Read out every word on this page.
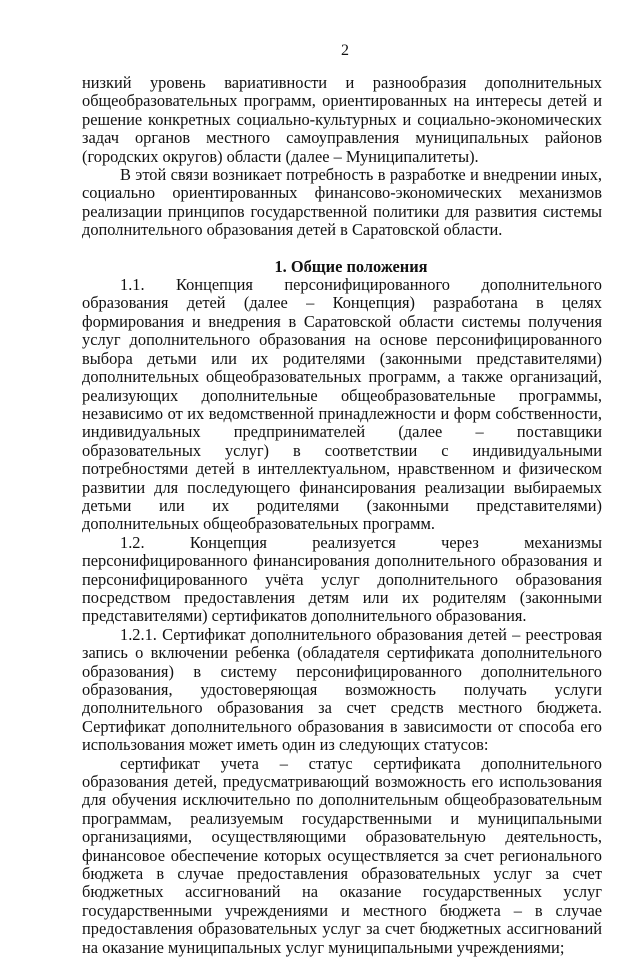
2

низкий уровень вариативности и разнообразия дополнительных общеобразовательных программ, ориентированных на интересы детей и решение конкретных социально-культурных и социально-экономических задач органов местного самоуправления муниципальных районов (городских округов) области (далее – Муниципалитеты).

В этой связи возникает потребность в разработке и внедрении иных, социально ориентированных финансово-экономических механизмов реализации принципов государственной политики для развития системы дополнительного образования детей в Саратовской области.

1. Общие положения

1.1. Концепция персонифицированного дополнительного образования детей (далее – Концепция) разработана в целях формирования и внедрения в Саратовской области системы получения услуг дополнительного образования на основе персонифицированного выбора детьми или их родителями (законными представителями) дополнительных общеобразовательных программ, а также организаций, реализующих дополнительные общеобразовательные программы, независимо от их ведомственной принадлежности и форм собственности, индивидуальных предпринимателей (далее – поставщики образовательных услуг) в соответствии с индивидуальными потребностями детей в интеллектуальном, нравственном и физическом развитии для последующего финансирования реализации выбираемых детьми или их родителями (законными представителями) дополнительных общеобразовательных программ.

1.2. Концепция реализуется через механизмы персонифицированного финансирования дополнительного образования и персонифицированного учёта услуг дополнительного образования посредством предоставления детям или их родителям (законными представителями) сертификатов дополнительного образования.

1.2.1. Сертификат дополнительного образования детей – реестровая запись о включении ребенка (обладателя сертификата дополнительного образования) в систему персонифицированного дополнительного образования, удостоверяющая возможность получать услуги дополнительного образования за счет средств местного бюджета. Сертификат дополнительного образования в зависимости от способа его использования может иметь один из следующих статусов:

сертификат учета – статус сертификата дополнительного образования детей, предусматривающий возможность его использования для обучения исключительно по дополнительным общеобразовательным программам, реализуемым государственными и муниципальными организациями, осуществляющими образовательную деятельность, финансовое обеспечение которых осуществляется за счет регионального бюджета в случае предоставления образовательных услуг за счет бюджетных ассигнований на оказание государственных услуг государственными учреждениями и местного бюджета – в случае предоставления образовательных услуг за счет бюджетных ассигнований на оказание муниципальных услуг муниципальными учреждениями;
